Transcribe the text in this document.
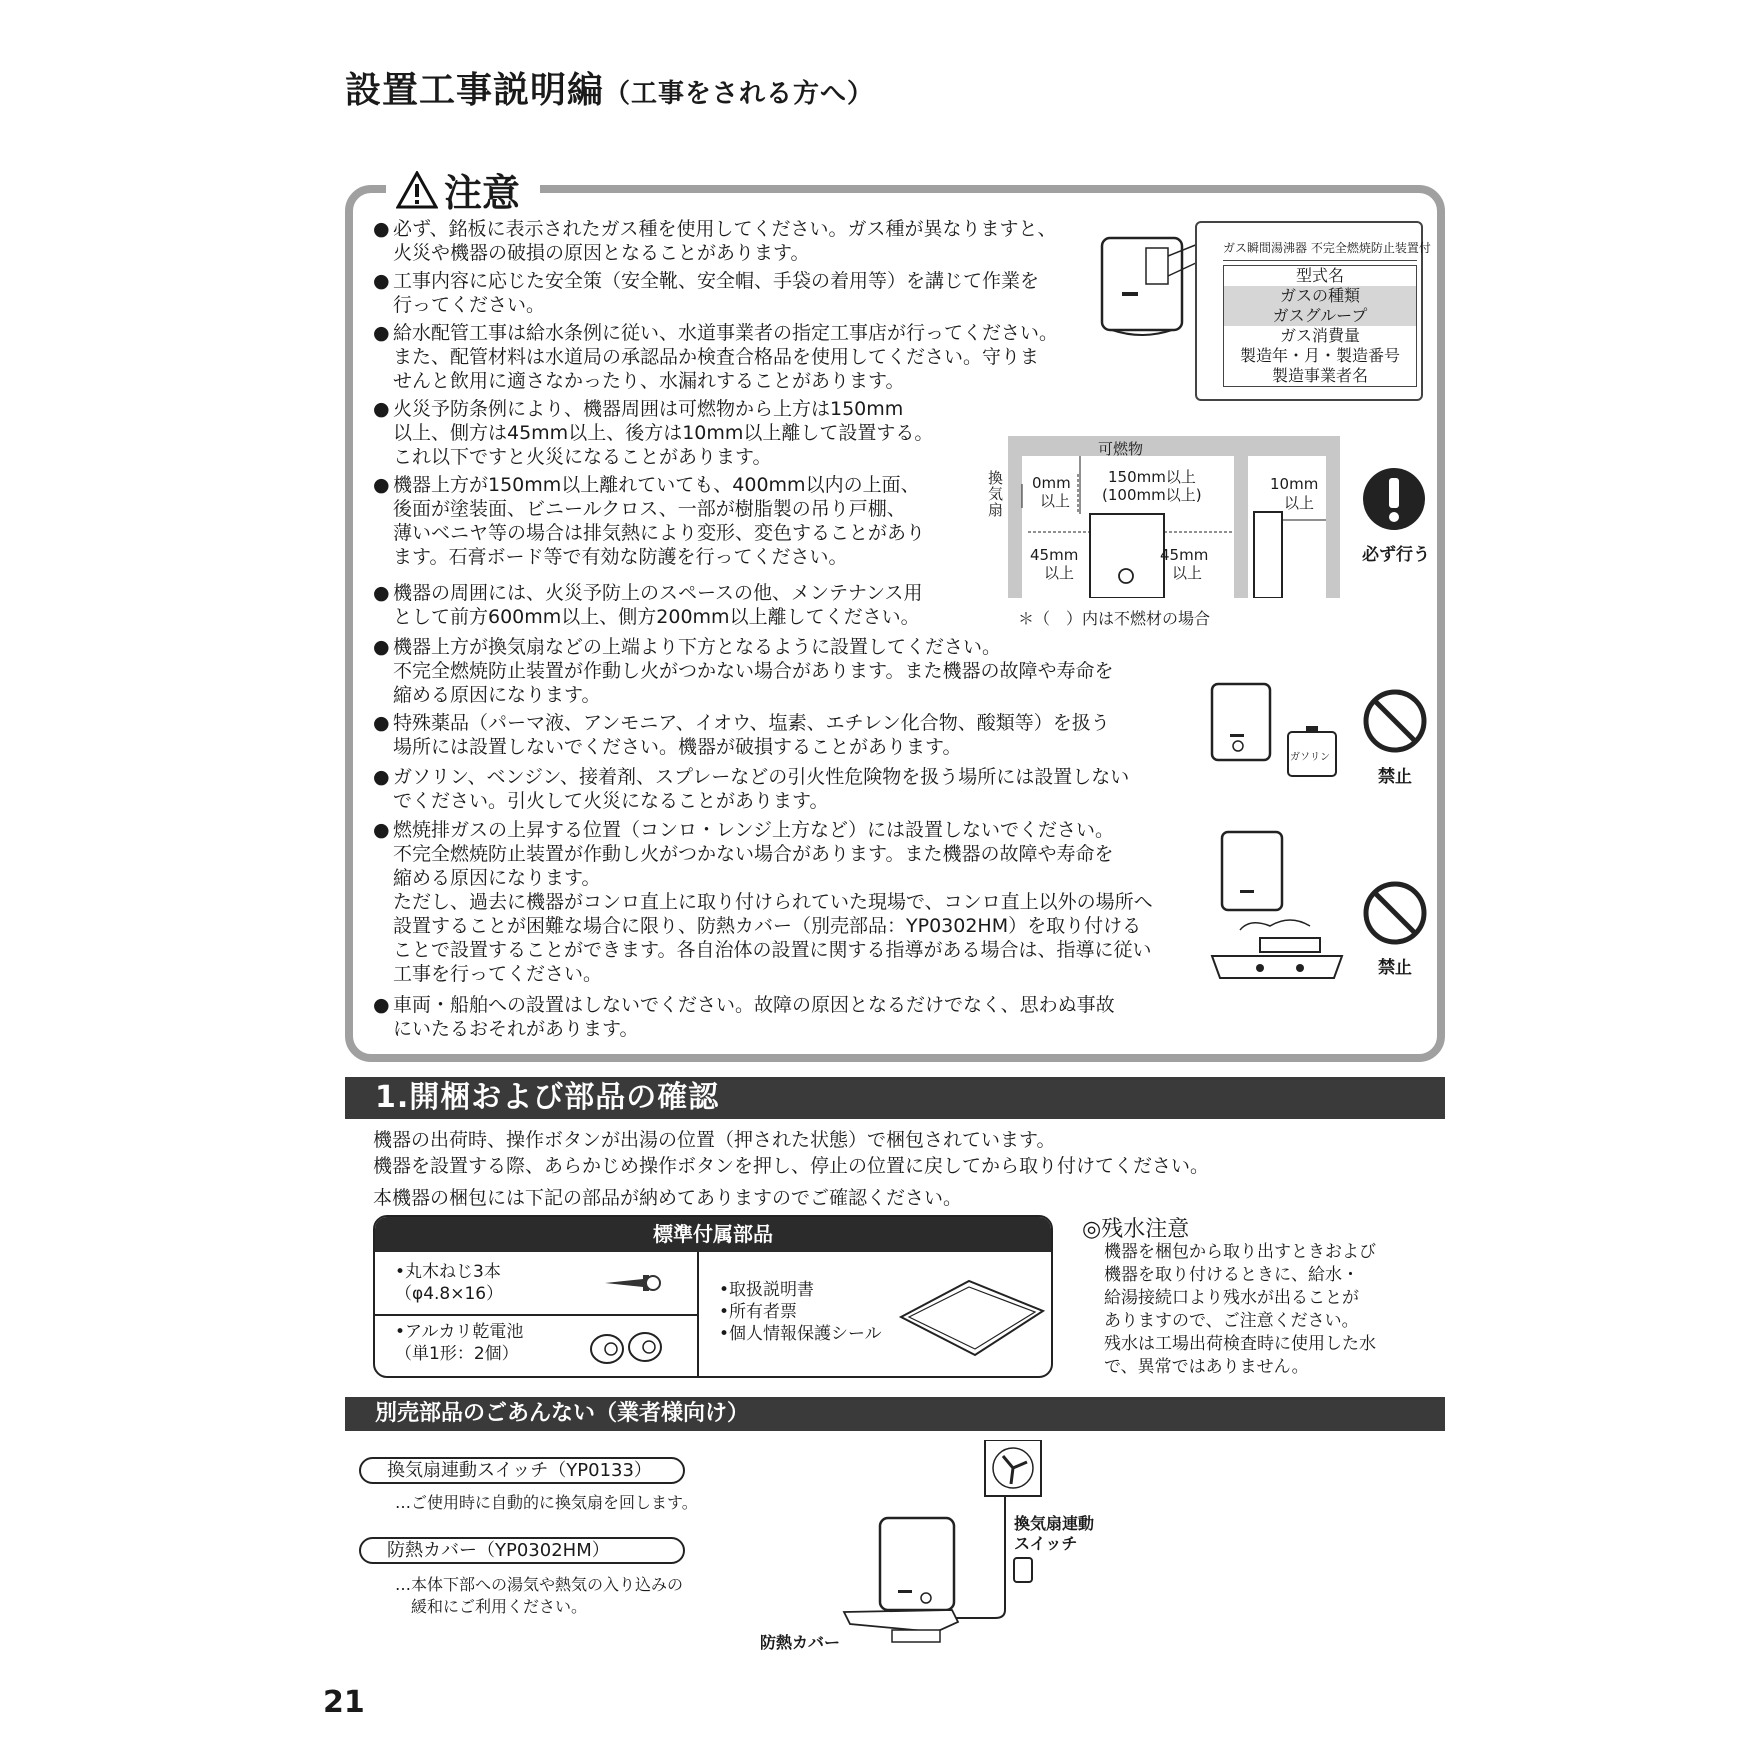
設置工事説明編（工事をされる方へ）
注意
● 必ず、銘板に表示されたガス種を使用してください。ガス種が異なりますと、
火災や機器の破損の原因となることがあります。
● 工事内容に応じた安全策（安全靴、安全帽、手袋の着用等）を講じて作業を
行ってください。
● 給水配管工事は給水条例に従い、水道事業者の指定工事店が行ってください。
また、配管材料は水道局の承認品か検査合格品を使用してください。守りま
せんと飲用に適さなかったり、水漏れすることがあります。
● 火災予防条例により、機器周囲は可燃物から上方は150mm
以上、側方は45mm以上、後方は10mm以上離して設置する。
これ以下ですと火災になることがあります。
● 機器上方が150mm以上離れていても、400mm以内の上面、
後面が塗装面、ビニールクロス、一部が樹脂製の吊り戸棚、
薄いベニヤ等の場合は排気熱により変形、変色することがあり
ます。石膏ボード等で有効な防護を行ってください。
● 機器の周囲には、火災予防上のスペースの他、メンテナンス用
として前方600mm以上、側方200mm以上離してください。
● 機器上方が換気扇などの上端より下方となるように設置してください。
不完全燃焼防止装置が作動し火がつかない場合があります。また機器の故障や寿命を
縮める原因になります。
● 特殊薬品（パーマ液、アンモニア、イオウ、塩素、エチレン化合物、酸類等）を扱う
場所には設置しないでください。機器が破損することがあります。
● ガソリン、ベンジン、接着剤、スプレーなどの引火性危険物を扱う場所には設置しない
でください。引火して火災になることがあります。
● 燃焼排ガスの上昇する位置（コンロ・レンジ上方など）には設置しないでください。
不完全燃焼防止装置が作動し火がつかない場合があります。また機器の故障や寿命を
縮める原因になります。
ただし、過去に機器がコンロ直上に取り付けられていた現場で、コンロ直上以外の場所へ
設置することが困難な場合に限り、防熱カバー（別売部品：YP0302HM）を取り付ける
ことで設置することができます。各自治体の設置に関する指導がある場合は、指導に従い
工事を行ってください。
● 車両・船舶への設置はしないでください。故障の原因となるだけでなく、思わぬ事故
にいたるおそれがあります。
ガス瞬間湯沸器 不完全燃焼防止装置付
型式名
ガスの種類
ガスグループ
ガス消費量
製造年・月・製造番号
製造事業者名
可燃物
換気扇
0mm
以上
150mm以上
(100mm以上)
45mm
以上
45mm
以上
10mm
以上
＊（　）内は不燃材の場合
必ず行う
ガソリン
禁止
禁止
1.開梱および部品の確認
機器の出荷時、操作ボタンが出湯の位置（押された状態）で梱包されています。
機器を設置する際、あらかじめ操作ボタンを押し、停止の位置に戻してから取り付けてください。
本機器の梱包には下記の部品が納めてありますのでご確認ください。
標準付属部品
•丸木ねじ3本
（φ4.8×16）
•アルカリ乾電池
（単1形：2個）
•取扱説明書
•所有者票
•個人情報保護シール
◎残水注意
機器を梱包から取り出すときおよび
機器を取り付けるときに、給水・
給湯接続口より残水が出ることが
ありますので、ご注意ください。
残水は工場出荷検査時に使用した水
で、異常ではありません。
別売部品のごあんない（業者様向け）
換気扇連動スイッチ（YP0133）
…ご使用時に自動的に換気扇を回します。
防熱カバー（YP0302HM）
…本体下部への湯気や熱気の入り込みの
　緩和にご利用ください。
換気扇連動
スイッチ
防熱カバー
21
